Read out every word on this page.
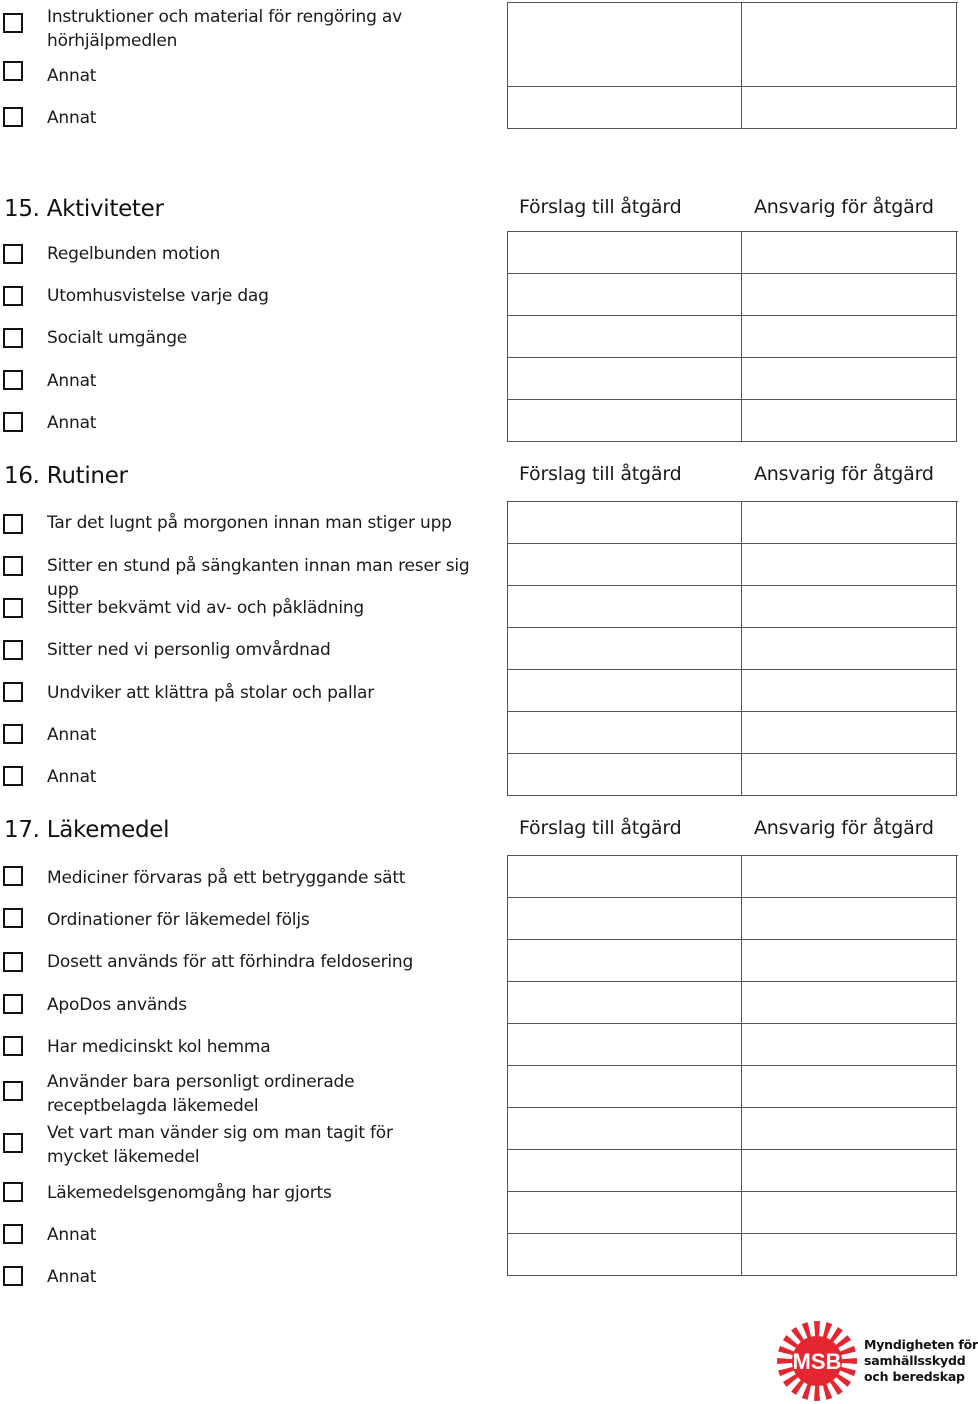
Instruktioner och material för rengöring av hörhjälpmedlen
Annat
Annat
15. Aktiviteter	Förslag till åtgärd	Ansvarig för åtgärd
Regelbunden motion
Utomhusvistelse varje dag
Socialt umgänge
Annat
Annat
16. Rutiner	Förslag till åtgärd	Ansvarig för åtgärd
Tar det lugnt på morgonen innan man stiger upp
Sitter en stund på sängkanten innan man reser sig upp
Sitter bekvämt vid av- och påklädning
Sitter ned vi personlig omvårdnad
Undviker att klättra på stolar och pallar
Annat
Annat
17. Läkemedel	Förslag till åtgärd	Ansvarig för åtgärd
Mediciner förvaras på ett betryggande sätt
Ordinationer för läkemedel följs
Dosett används för att förhindra feldosering
ApoDos används
Har medicinskt kol hemma
Använder bara personligt ordinerade receptbelagda läkemedel
Vet vart man vänder sig om man tagit för mycket läkemedel
Läkemedelsgenomgång har gjorts
Annat
Annat
MSB
Myndigheten för
samhällsskydd
och beredskap
